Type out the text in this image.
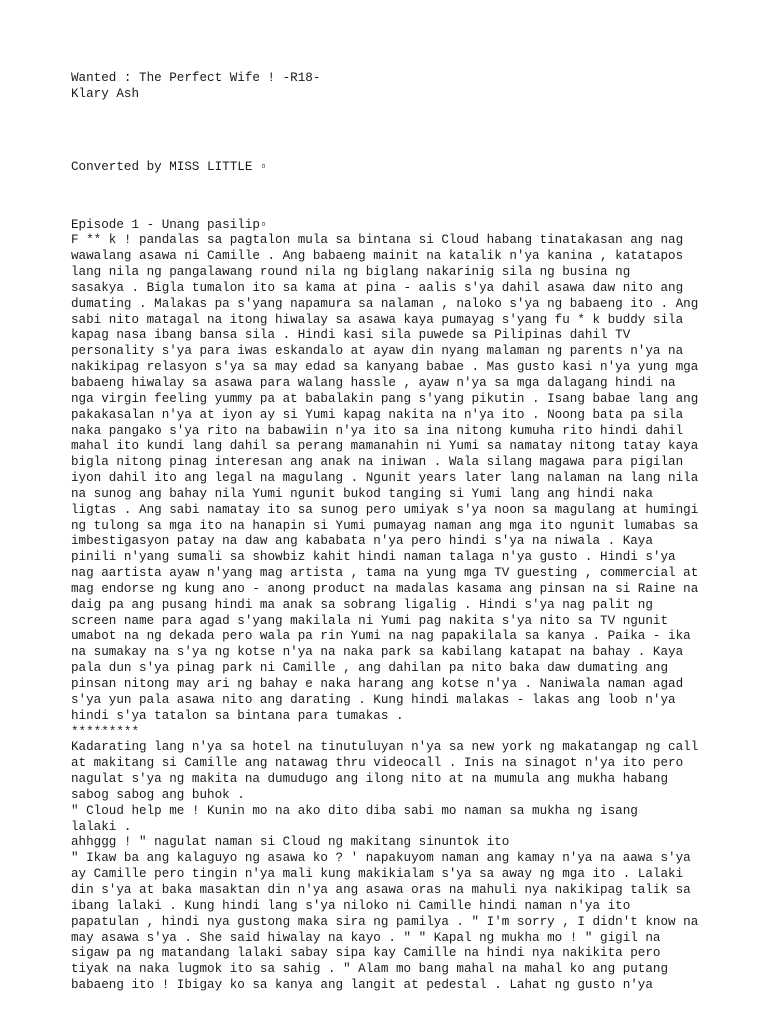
Wanted : The Perfect Wife ! -R18-
Klary Ash
Converted by MISS LITTLE ▫
Episode 1 - Unang pasilip▫
F ** k ! pandalas sa pagtalon mula sa bintana si Cloud habang tinatakasan ang nag
wawalang asawa ni Camille . Ang babaeng mainit na katalik n'ya kanina , katatapos
lang nila ng pangalawang round nila ng biglang nakarinig sila ng busina ng
sasakya . Bigla tumalon ito sa kama at pina - aalis s'ya dahil asawa daw nito ang
dumating . Malakas pa s'yang napamura sa nalaman , naloko s'ya ng babaeng ito . Ang
sabi nito matagal na itong hiwalay sa asawa kaya pumayag s'yang fu * k buddy sila
kapag nasa ibang bansa sila . Hindi kasi sila puwede sa Pilipinas dahil TV
personality s'ya para iwas eskandalo at ayaw din nyang malaman ng parents n'ya na
nakikipag relasyon s'ya sa may edad sa kanyang babae . Mas gusto kasi n'ya yung mga
babaeng hiwalay sa asawa para walang hassle , ayaw n'ya sa mga dalagang hindi na
nga virgin feeling yummy pa at babalakin pang s'yang pikutin . Isang babae lang ang
pakakasalan n'ya at iyon ay si Yumi kapag nakita na n'ya ito . Noong bata pa sila
naka pangako s'ya rito na babawiin n'ya ito sa ina nitong kumuha rito hindi dahil
mahal ito kundi lang dahil sa perang mamanahin ni Yumi sa namatay nitong tatay kaya
bigla nitong pinag interesan ang anak na iniwan . Wala silang magawa para pigilan
iyon dahil ito ang legal na magulang . Ngunit years later lang nalaman na lang nila
na sunog ang bahay nila Yumi ngunit bukod tanging si Yumi lang ang hindi naka
ligtas . Ang sabi namatay ito sa sunog pero umiyak s'ya noon sa magulang at humingi
ng tulong sa mga ito na hanapin si Yumi pumayag naman ang mga ito ngunit lumabas sa
imbestigasyon patay na daw ang kababata n'ya pero hindi s'ya na niwala . Kaya
pinili n'yang sumali sa showbiz kahit hindi naman talaga n'ya gusto . Hindi s'ya
nag aartista ayaw n'yang mag artista , tama na yung mga TV guesting , commercial at
mag endorse ng kung ano - anong product na madalas kasama ang pinsan na si Raine na
daig pa ang pusang hindi ma anak sa sobrang ligalig . Hindi s'ya nag palit ng
screen name para agad s'yang makilala ni Yumi pag nakita s'ya nito sa TV ngunit
umabot na ng dekada pero wala pa rin Yumi na nag papakilala sa kanya . Paika - ika
na sumakay na s'ya ng kotse n'ya na naka park sa kabilang katapat na bahay . Kaya
pala dun s'ya pinag park ni Camille , ang dahilan pa nito baka daw dumating ang
pinsan nitong may ari ng bahay e naka harang ang kotse n'ya . Naniwala naman agad
s'ya yun pala asawa nito ang darating . Kung hindi malakas - lakas ang loob n'ya
hindi s'ya tatalon sa bintana para tumakas .
*********
Kadarating lang n'ya sa hotel na tinutuluyan n'ya sa new york ng makatangap ng call
at makitang si Camille ang natawag thru videocall . Inis na sinagot n'ya ito pero
nagulat s'ya ng makita na dumudugo ang ilong nito at na mumula ang mukha habang
sabog sabog ang buhok .
" Cloud help me ! Kunin mo na ako dito diba sabi mo naman sa mukha ng isang
lalaki .
ahhggg ! " nagulat naman si Cloud ng makitang sinuntok ito
" Ikaw ba ang kalaguyo ng asawa ko ? ' napakuyom naman ang kamay n'ya na aawa s'ya
ay Camille pero tingin n'ya mali kung makikialam s'ya sa away ng mga ito . Lalaki
din s'ya at baka masaktan din n'ya ang asawa oras na mahuli nya nakikipag talik sa
ibang lalaki . Kung hindi lang s'ya niloko ni Camille hindi naman n'ya ito
papatulan , hindi nya gustong maka sira ng pamilya . " I'm sorry , I didn't know na
may asawa s'ya . She said hiwalay na kayo . " " Kapal ng mukha mo ! " gigil na
sigaw pa ng matandang lalaki sabay sipa kay Camille na hindi nya nakikita pero
tiyak na naka lugmok ito sa sahig . " Alam mo bang mahal na mahal ko ang putang
babaeng ito ! Ibigay ko sa kanya ang langit at pedestal . Lahat ng gusto n'ya
